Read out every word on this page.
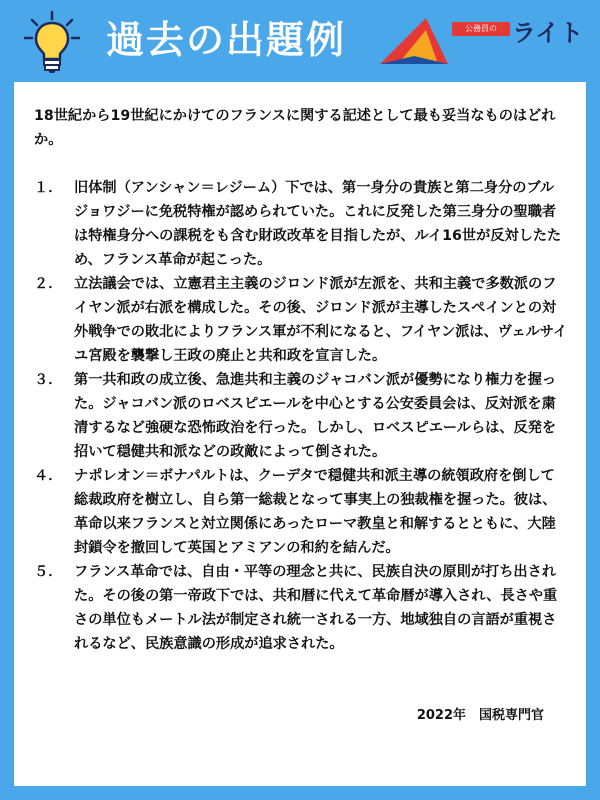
過去の出題例	公務員の ライト
18世紀から19世紀にかけてのフランスに関する記述として最も妥当なものはどれか。
１． 旧体制（アンシャン＝レジーム）下では、第一身分の貴族と第二身分のブルジョワジーに免税特権が認められていた。これに反発した第三身分の聖職者は特権身分への課税をも含む財政改革を目指したが、ルイ16世が反対したため、フランス革命が起こった。
２． 立法議会では、立憲君主主義のジロンド派が左派を、共和主義で多数派のフイヤン派が右派を構成した。その後、ジロンド派が主導したスペインとの対外戦争での敗北によりフランス軍が不利になると、フイヤン派は、ヴェルサイユ宮殿を襲撃し王政の廃止と共和政を宣言した。
３． 第一共和政の成立後、急進共和主義のジャコバン派が優勢になり権力を握った。ジャコバン派のロベスピエールを中心とする公安委員会は、反対派を粛清するなど強硬な恐怖政治を行った。しかし、ロベスピエールらは、反発を招いて穏健共和派などの政敵によって倒された。
４． ナポレオン＝ボナパルトは、クーデタで穏健共和派主導の統領政府を倒して総裁政府を樹立し、自ら第一総裁となって事実上の独裁権を握った。彼は、革命以来フランスと対立関係にあったローマ教皇と和解するとともに、大陸封鎖令を撤回して英国とアミアンの和約を結んだ。
５． フランス革命では、自由・平等の理念と共に、民族自決の原則が打ち出された。その後の第一帝政下では、共和暦に代えて革命暦が導入され、長さや重さの単位もメートル法が制定され統一される一方、地域独自の言語が重視されるなど、民族意識の形成が追求された。
2022年　国税専門官
